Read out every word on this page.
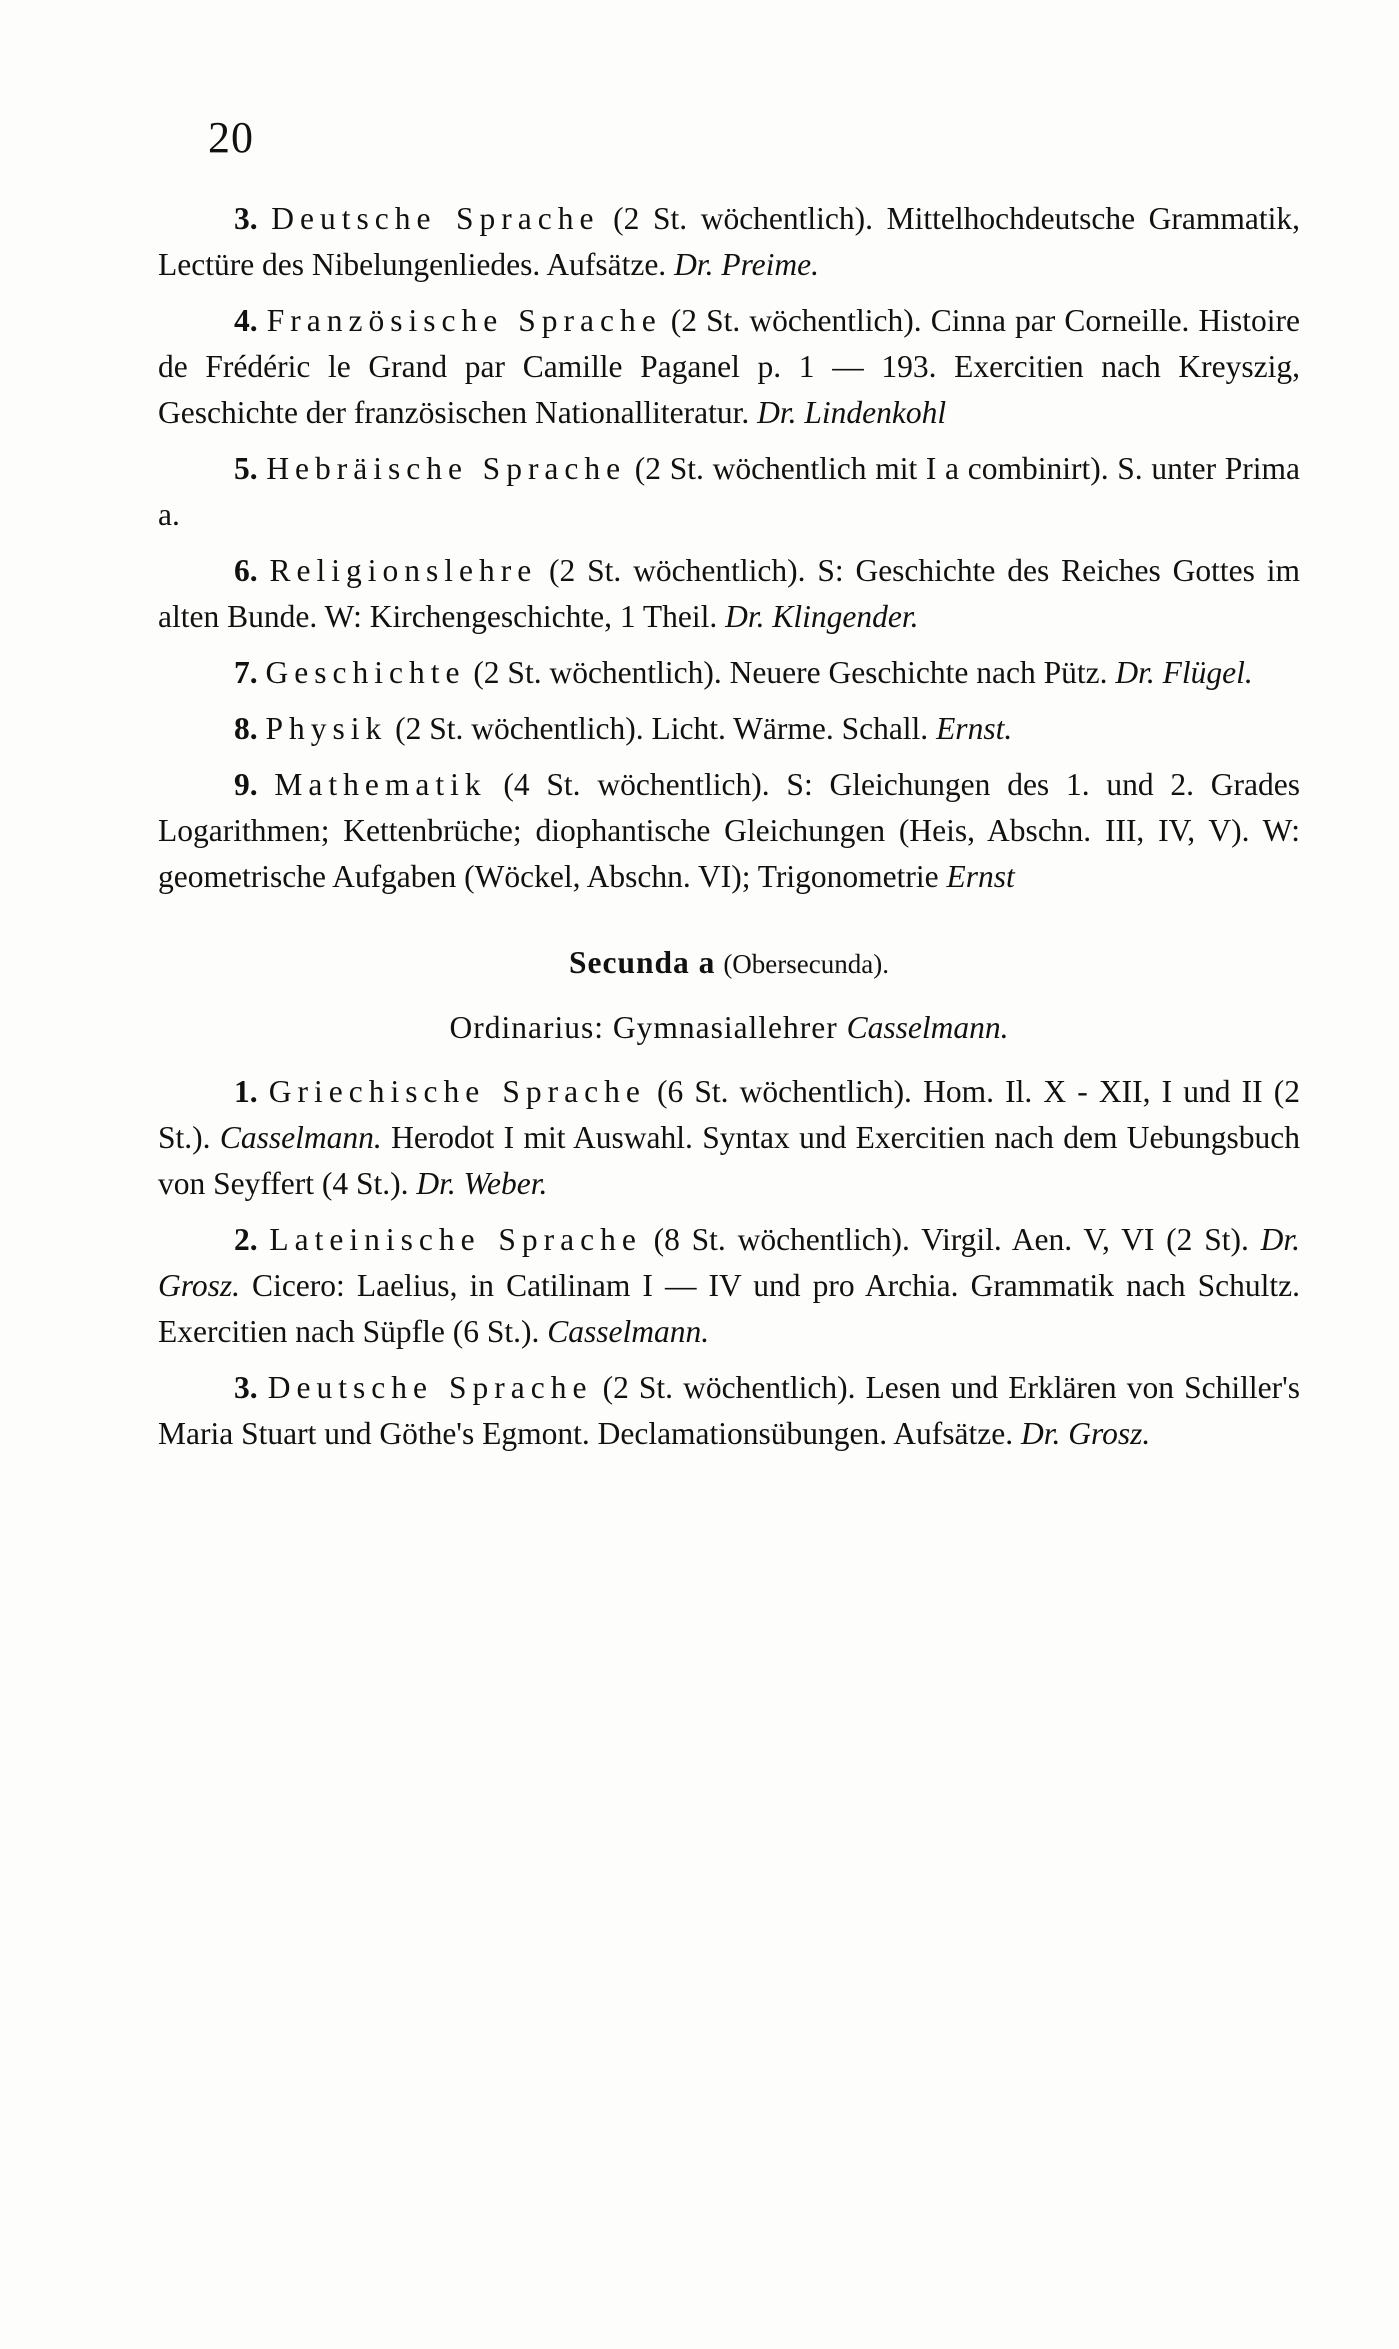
20

3. Deutsche Sprache (2 St. wöchentlich). Mittelhochdeutsche Grammatik, Lectüre des Nibelungenliedes. Aufsätze. Dr. Preime.

4. Französische Sprache (2 St. wöchentlich). Cinna par Corneille. Histoire de Frédéric le Grand par Camille Paganel p. 1 — 193. Exercitien nach Kreyszig, Geschichte der französischen Nationalliteratur. Dr. Lindenkohl

5. Hebräische Sprache (2 St. wöchentlich mit I a combinirt). S. unter Prima a.

6. Religionslehre (2 St. wöchentlich). S: Geschichte des Reiches Gottes im alten Bunde. W: Kirchengeschichte, 1 Theil. Dr. Klingender.

7. Geschichte (2 St. wöchentlich). Neuere Geschichte nach Pütz. Dr. Flügel.

8. Physik (2 St. wöchentlich). Licht. Wärme. Schall. Ernst.

9. Mathematik (4 St. wöchentlich). S: Gleichungen des 1. und 2. Grades Logarithmen; Kettenbrüche; diophantische Gleichungen (Heis, Abschn. III, IV, V). W: geometrische Aufgaben (Wöckel, Abschn. VI); Trigonometrie Ernst

Secunda a (Obersecunda).
Ordinarius: Gymnasiallehrer Casselmann.

1. Griechische Sprache (6 St. wöchentlich). Hom. Il. X - XII, I und II (2 St.). Casselmann. Herodot I mit Auswahl. Syntax und Exercitien nach dem Uebungsbuch von Seyffert (4 St.). Dr. Weber.

2. Lateinische Sprache (8 St. wöchentlich). Virgil. Aen. V, VI (2 St). Dr. Grosz. Cicero: Laelius, in Catilinam I — IV und pro Archia. Grammatik nach Schultz. Exercitien nach Süpfle (6 St.). Casselmann.

3. Deutsche Sprache (2 St. wöchentlich). Lesen und Erklären von Schiller's Maria Stuart und Göthe's Egmont. Declamationsübungen. Aufsätze. Dr. Grosz.
